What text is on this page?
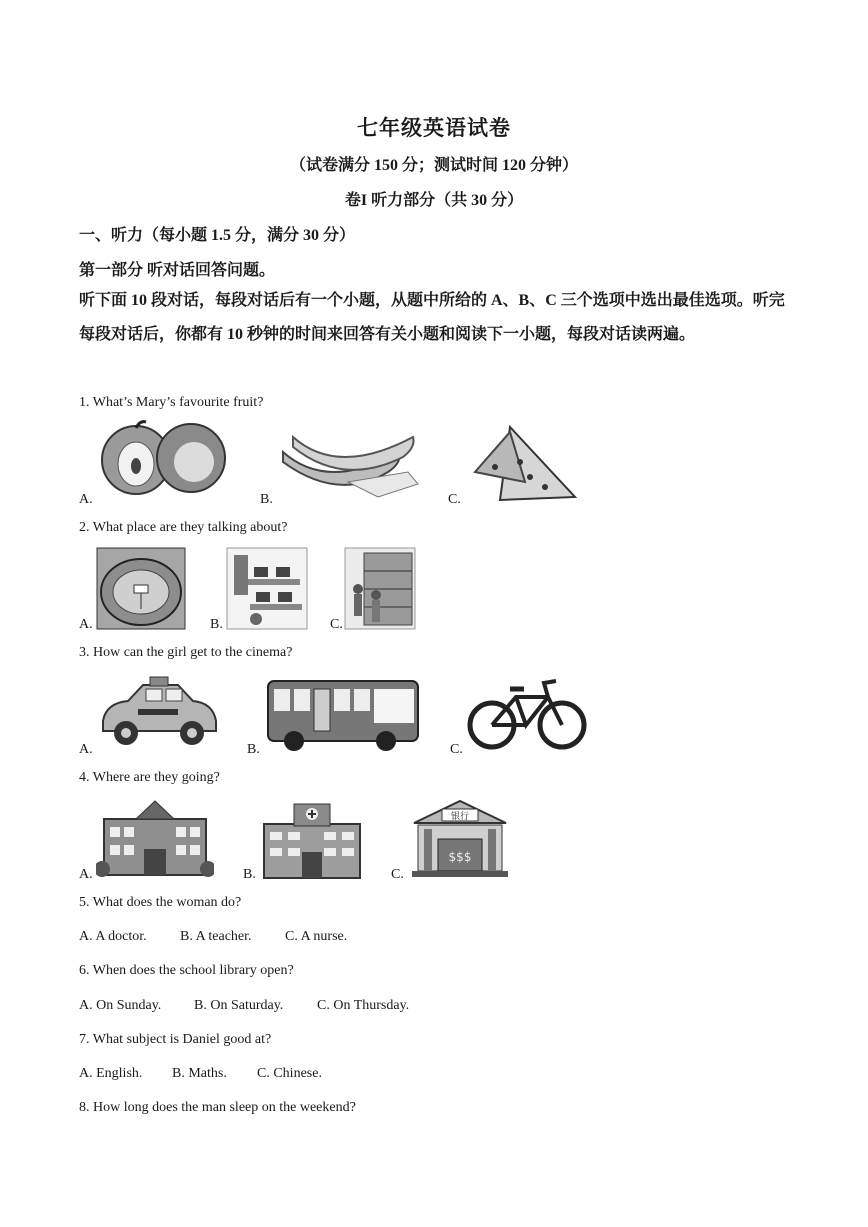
七年级英语试卷
（试卷满分 150 分；测试时间 120 分钟）
卷I 听力部分（共 30 分）
一、听力（每小题 1.5 分，满分 30 分）
第一部分 听对话回答问题。
听下面 10 段对话，每段对话后有一个小题，从题中所给的 A、B、C 三个选项中选出最佳选项。听完每段对话后，你都有 10 秒钟的时间来回答有关小题和阅读下一小题，每段对话读两遍。
1. What’s Mary’s favourite fruit?
A.	B.	C.
2. What place are they talking about?
A.	B.	C.
3. How can the girl get to the cinema?
A.	B.	C.
4. Where are they going?
A.	B.
银行
$$$
C.
5. What does the woman do?
A. A doctor. B. A teacher. C. A nurse.
6. When does the school library open?
A. On Sunday. B. On Saturday. C. On Thursday.
7. What subject is Daniel good at?
A. English. B. Maths. C. Chinese.
8. How long does the man sleep on the weekend?
